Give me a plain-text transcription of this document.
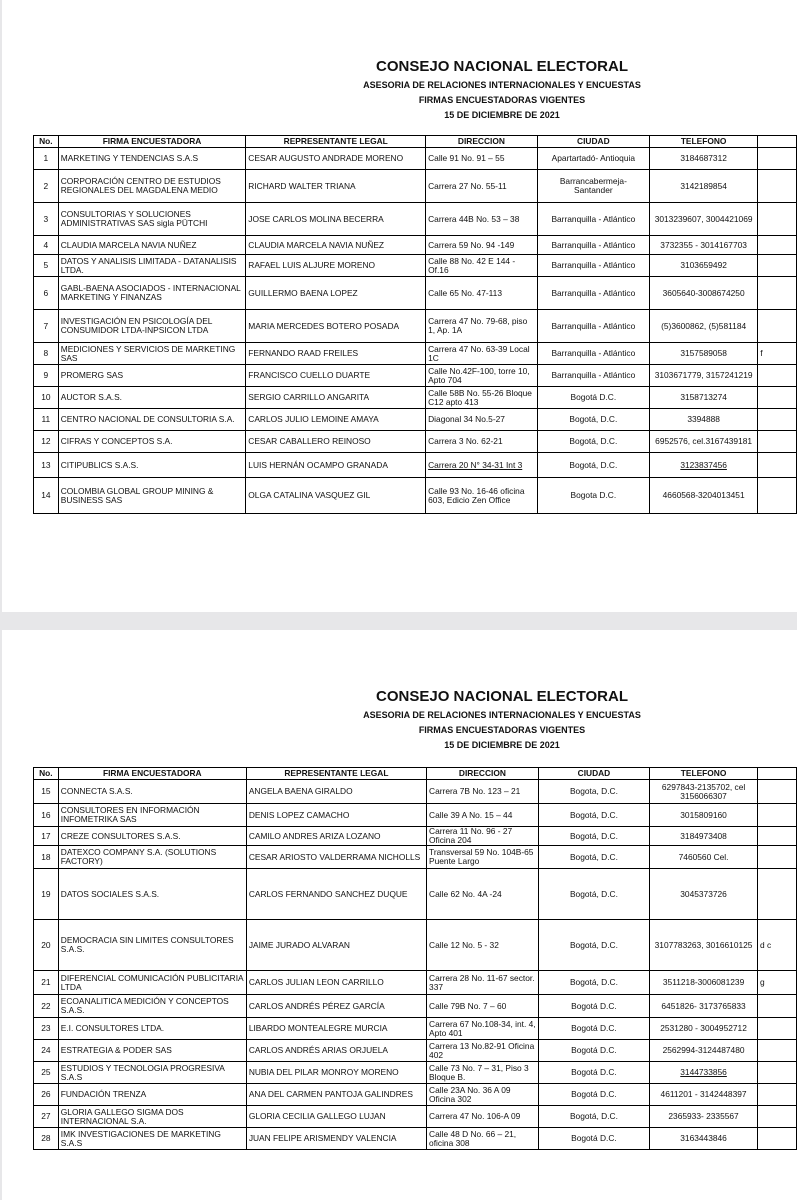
CONSEJO NACIONAL ELECTORAL
ASESORIA DE RELACIONES INTERNACIONALES Y ENCUESTAS
FIRMAS ENCUESTADORAS VIGENTES
15 DE DICIEMBRE DE 2021
No.	FIRMA ENCUESTADORA	REPRESENTANTE LEGAL	DIRECCION	CIUDAD	TELEFONO	
1	MARKETING Y TENDENCIAS S.A.S	CESAR AUGUSTO ANDRADE MORENO	Calle 91 No. 91 – 55	Apartartadó- Antioquia	3184687312	
2	CORPORACIÓN CENTRO DE ESTUDIOS REGIONALES DEL MAGDALENA MEDIO	RICHARD WALTER TRIANA	Carrera 27 No. 55-11	Barrancabermeja- Santander	3142189854	
3	CONSULTORIAS Y SOLUCIONES ADMINISTRATIVAS SAS sigla PÜTCHI	JOSE CARLOS MOLINA BECERRA	Carrera 44B No. 53 – 38	Barranquilla - Atlántico	3013239607, 3004421069	
4	CLAUDIA MARCELA NAVIA NUÑEZ	CLAUDIA MARCELA NAVIA NUÑEZ	Carrera 59 No. 94 -149	Barranquilla - Atlántico	3732355 - 3014167703	
5	DATOS Y ANALISIS LIMITADA - DATANALISIS LTDA.	RAFAEL LUIS ALJURE MORENO	Calle 88 No. 42 E 144 - Of.16	Barranquilla - Atlántico	3103659492	
6	GABL-BAENA ASOCIADOS - INTERNACIONAL MARKETING Y FINANZAS	GUILLERMO BAENA LOPEZ	Calle 65 No. 47-113	Barranquilla - Atlántico	3605640-3008674250	
7	INVESTIGACIÓN EN PSICOLOGÍA DEL CONSUMIDOR LTDA-INPSICON LTDA	MARIA MERCEDES BOTERO POSADA	Carrera 47 No. 79-68, piso 1, Ap. 1A	Barranquilla - Atlántico	(5)3600862, (5)581184	
8	MEDICIONES Y SERVICIOS DE MARKETING SAS	FERNANDO RAAD FREILES	Carrera 47 No. 63-39 Local 1C	Barranquilla - Atlántico	3157589058	f
9	PROMERG SAS	FRANCISCO CUELLO DUARTE	Calle No.42F-100, torre 10, Apto 704	Barranquilla - Atlántico	3103671779, 3157241219	
10	AUCTOR S.A.S.	SERGIO CARRILLO ANGARITA	Calle 58B No. 55-26 Bloque C12 apto 413	Bogotá D.C.	3158713274	
11	CENTRO NACIONAL DE CONSULTORIA S.A.	CARLOS JULIO LEMOINE AMAYA	Diagonal 34 No.5-27	Bogotá, D.C.	3394888	
12	CIFRAS Y CONCEPTOS S.A.	CESAR CABALLERO REINOSO	Carrera 3 No. 62-21	Bogotá, D.C.	6952576, cel.3167439181	
13	CITIPUBLICS S.A.S.	LUIS HERNÁN OCAMPO GRANADA	Carrera 20 N° 34-31 Int 3	Bogotá, D.C.	3123837456	
14	COLOMBIA GLOBAL GROUP MINING & BUSINESS SAS	OLGA CATALINA VASQUEZ GIL	Calle 93 No. 16-46 oficina 603, Edicio Zen Office	Bogota D.C.	4660568-3204013451	
CONSEJO NACIONAL ELECTORAL
ASESORIA DE RELACIONES INTERNACIONALES Y ENCUESTAS
FIRMAS ENCUESTADORAS VIGENTES
15 DE DICIEMBRE DE 2021
No.	FIRMA ENCUESTADORA	REPRESENTANTE LEGAL	DIRECCION	CIUDAD	TELEFONO	
15	CONNECTA S.A.S.	ANGELA BAENA GIRALDO	Carrera 7B No. 123 – 21	Bogota, D.C.	6297843-2135702, cel 3156066307	
16	CONSULTORES EN INFORMACIÓN INFOMETRIKA SAS	DENIS LOPEZ CAMACHO	Calle 39 A No. 15 – 44	Bogotá, D.C.	3015809160	
17	CREZE CONSULTORES S.A.S.	CAMILO ANDRES ARIZA LOZANO	Carrera 11 No. 96 - 27 Oficina 204	Bogotá, D.C.	3184973408	
18	DATEXCO COMPANY S.A. (SOLUTIONS FACTORY)	CESAR ARIOSTO VALDERRAMA NICHOLLS	Transversal 59 No. 104B-65 Puente Largo	Bogotá, D.C.	7460560 Cel.	
19	DATOS SOCIALES S.A.S.	CARLOS FERNANDO SANCHEZ DUQUE	Calle 62 No. 4A -24	Bogotá, D.C.	3045373726	
20	DEMOCRACIA SIN LIMITES CONSULTORES S.A.S.	JAIME JURADO ALVARAN	Calle 12 No. 5 - 32	Bogotá, D.C.	3107783263, 3016610125	d c
21	DIFERENCIAL COMUNICACIÓN PUBLICITARIA LTDA	CARLOS JULIAN LEON CARRILLO	Carrera 28 No. 11-67 sector. 337	Bogotá, D.C.	3511218-3006081239	g
22	ECOANALITICA MEDICIÓN Y CONCEPTOS S.A.S.	CARLOS ANDRÉS PÉREZ GARCÍA	Calle 79B No. 7 – 60	Bogotá D.C.	6451826- 3173765833	
23	E.I. CONSULTORES LTDA.	LIBARDO MONTEALEGRE MURCIA	Carrera 67 No.108-34, int. 4, Apto 401	Bogotá D.C.	2531280 - 3004952712	
24	ESTRATEGIA & PODER SAS	CARLOS ANDRÉS ARIAS ORJUELA	Carrera 13 No.82-91 Oficina 402	Bogotá D.C.	2562994-3124487480	
25	ESTUDIOS Y TECNOLOGIA PROGRESIVA S.A.S	NUBIA DEL PILAR MONROY MORENO	Calle 73 No. 7 – 31, Piso 3 Bloque B.	Bogotá D.C.	3144733856	
26	FUNDACIÓN TRENZA	ANA DEL CARMEN PANTOJA GALINDRES	Calle 23A No. 36 A 09 Oficina 302	Bogotá D.C.	4611201 - 3142448397	
27	GLORIA GALLEGO SIGMA DOS INTERNACIONAL S.A.	GLORIA CECILIA GALLEGO LUJAN	Carrera 47 No. 106-A 09	Bogotá, D.C.	2365933- 2335567	
28	IMK INVESTIGACIONES DE MARKETING S.A.S	JUAN FELIPE ARISMENDY VALENCIA	Calle 48 D No. 66 – 21, oficina 308	Bogotá D.C.	3163443846	
